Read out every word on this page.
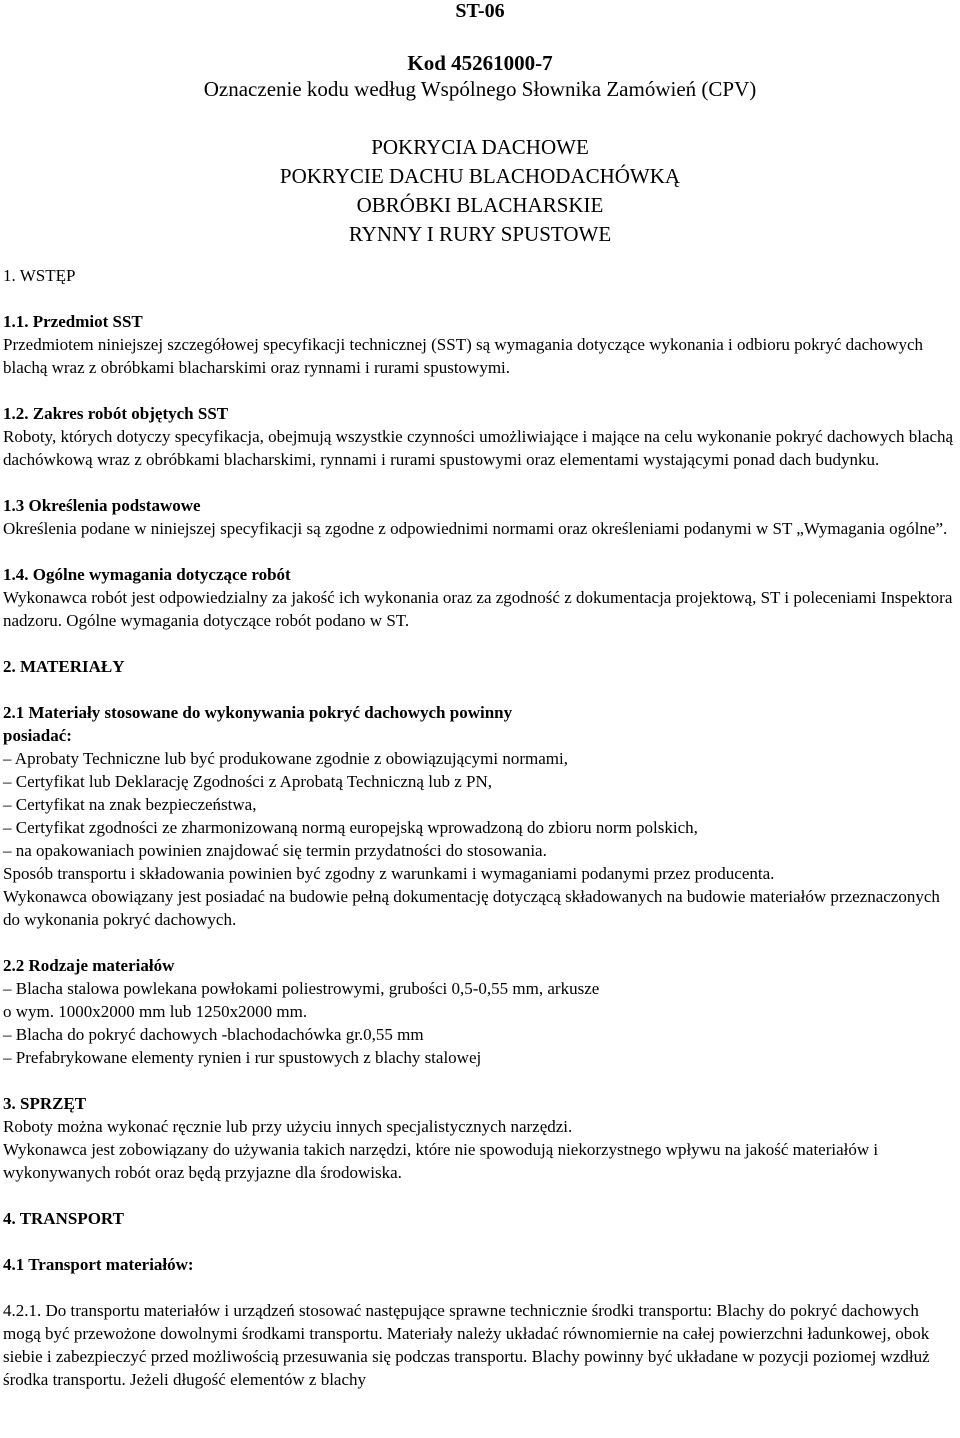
ST-06
Kod 45261000-7
Oznaczenie kodu według Wspólnego Słownika Zamówień (CPV)
POKRYCIA DACHOWE
POKRYCIE DACHU BLACHODACHÓWKĄ
OBRÓBKI BLACHARSKIE
RYNNY I RURY SPUSTOWE

1. WSTĘP

1.1. Przedmiot SST

Przedmiotem niniejszej szczegółowej specyfikacji technicznej (SST) są wymagania dotyczące wykonania i odbioru pokryć dachowych blachą wraz z obróbkami blacharskimi oraz rynnami i rurami spustowymi.

1.2. Zakres robót objętych SST

Roboty, których dotyczy specyfikacja, obejmują wszystkie czynności umożliwiające i mające na celu wykonanie pokryć dachowych blachą dachówkową wraz z obróbkami blacharskimi, rynnami i rurami spustowymi oraz elementami wystającymi ponad dach budynku.

1.3 Określenia podstawowe

Określenia podane w niniejszej specyfikacji są zgodne z odpowiednimi normami oraz określeniami podanymi w ST „Wymagania ogólne”.

1.4. Ogólne wymagania dotyczące robót

Wykonawca robót jest odpowiedzialny za jakość ich wykonania oraz za zgodność z dokumentacja projektową, ST i poleceniami Inspektora nadzoru. Ogólne wymagania dotyczące robót podano w ST.

2. MATERIAŁY

2.1 Materiały stosowane do wykonywania pokryć dachowych powinny

posiadać:

– Aprobaty Techniczne lub być produkowane zgodnie z obowiązującymi normami,

– Certyfikat lub Deklarację Zgodności z Aprobatą Techniczną lub z PN,

– Certyfikat na znak bezpieczeństwa,

– Certyfikat zgodności ze zharmonizowaną normą europejską wprowadzoną do zbioru norm polskich,

– na opakowaniach powinien znajdować się termin przydatności do stosowania.

Sposób transportu i składowania powinien być zgodny z warunkami i wymaganiami podanymi przez producenta.

Wykonawca obowiązany jest posiadać na budowie pełną dokumentację dotyczącą składowanych na budowie materiałów przeznaczonych do wykonania pokryć dachowych.

2.2 Rodzaje materiałów

– Blacha stalowa powlekana powłokami poliestrowymi, grubości 0,5-0,55 mm, arkusze

o wym. 1000x2000 mm lub 1250x2000 mm.

– Blacha do pokryć dachowych -blachodachówka gr.0,55 mm

– Prefabrykowane elementy rynien i rur spustowych z blachy stalowej

3. SPRZĘT

Roboty można wykonać ręcznie lub przy użyciu innych specjalistycznych narzędzi.

Wykonawca jest zobowiązany do używania takich narzędzi, które nie spowodują niekorzystnego wpływu na jakość materiałów i wykonywanych robót oraz będą przyjazne dla środowiska.

4. TRANSPORT

4.1 Transport materiałów:

4.2.1. Do transportu materiałów i urządzeń stosować następujące sprawne technicznie środki transportu: Blachy do pokryć dachowych mogą być przewożone dowolnymi środkami transportu. Materiały należy układać równomiernie na całej powierzchni ładunkowej, obok siebie i zabezpieczyć przed możliwością przesuwania się podczas transportu. Blachy powinny być układane w pozycji poziomej wzdłuż środka transportu. Jeżeli długość elementów z blachy
